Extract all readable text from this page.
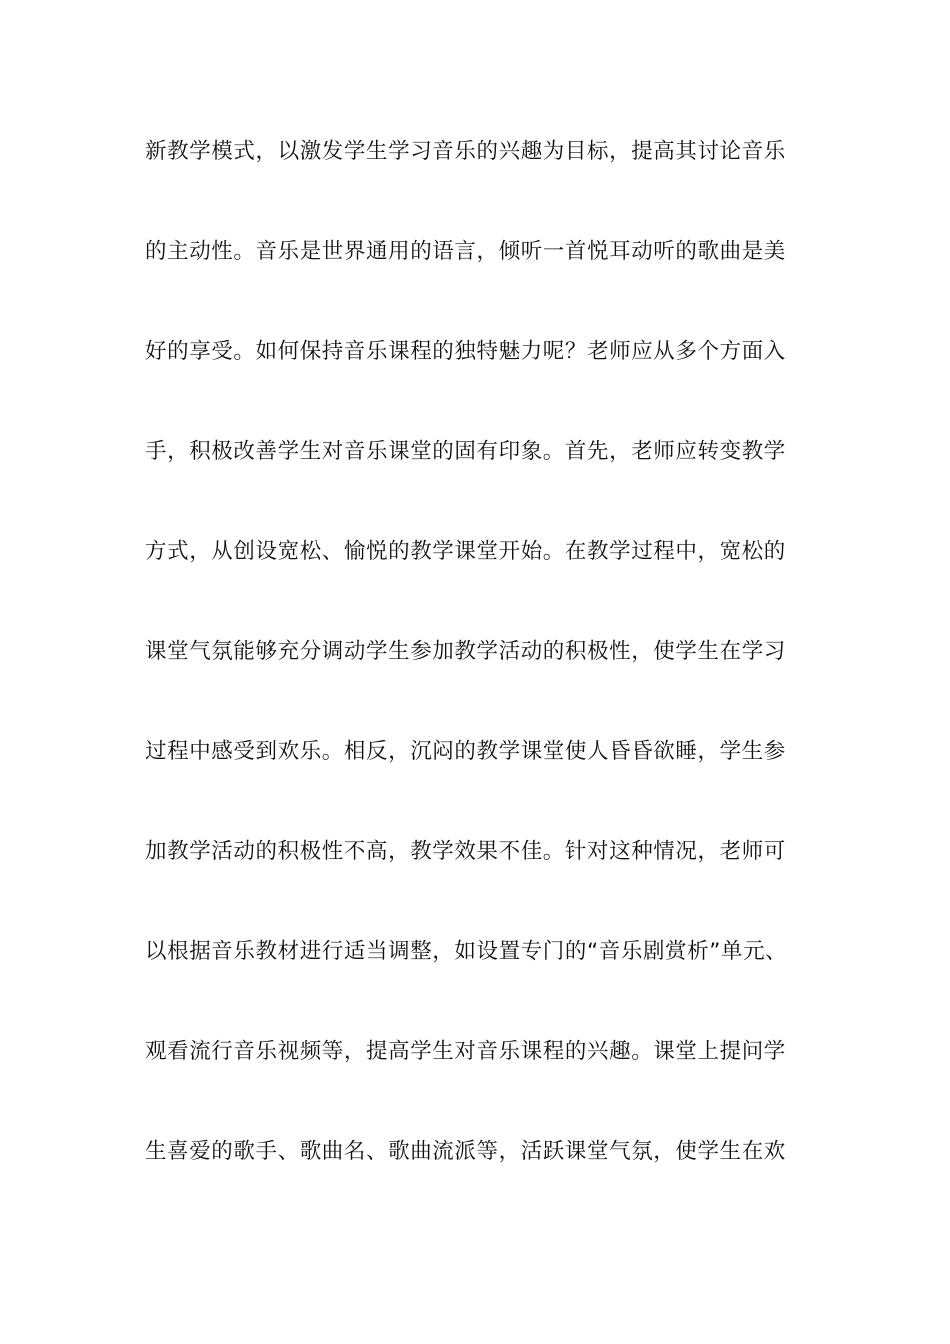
新教学模式，以激发学生学习音乐的兴趣为目标，提高其讨论音乐
的主动性。音乐是世界通用的语言，倾听一首悦耳动听的歌曲是美
好的享受。如何保持音乐课程的独特魅力呢？老师应从多个方面入
手，积极改善学生对音乐课堂的固有印象。首先，老师应转变教学
方式，从创设宽松、愉悦的教学课堂开始。在教学过程中，宽松的
课堂气氛能够充分调动学生参加教学活动的积极性，使学生在学习
过程中感受到欢乐。相反，沉闷的教学课堂使人昏昏欲睡，学生参
加教学活动的积极性不高，教学效果不佳。针对这种情况，老师可
以根据音乐教材进行适当调整，如设置专门的“音乐剧赏析”单元、
观看流行音乐视频等，提高学生对音乐课程的兴趣。课堂上提问学
生喜爱的歌手、歌曲名、歌曲流派等，活跃课堂气氛，使学生在欢
